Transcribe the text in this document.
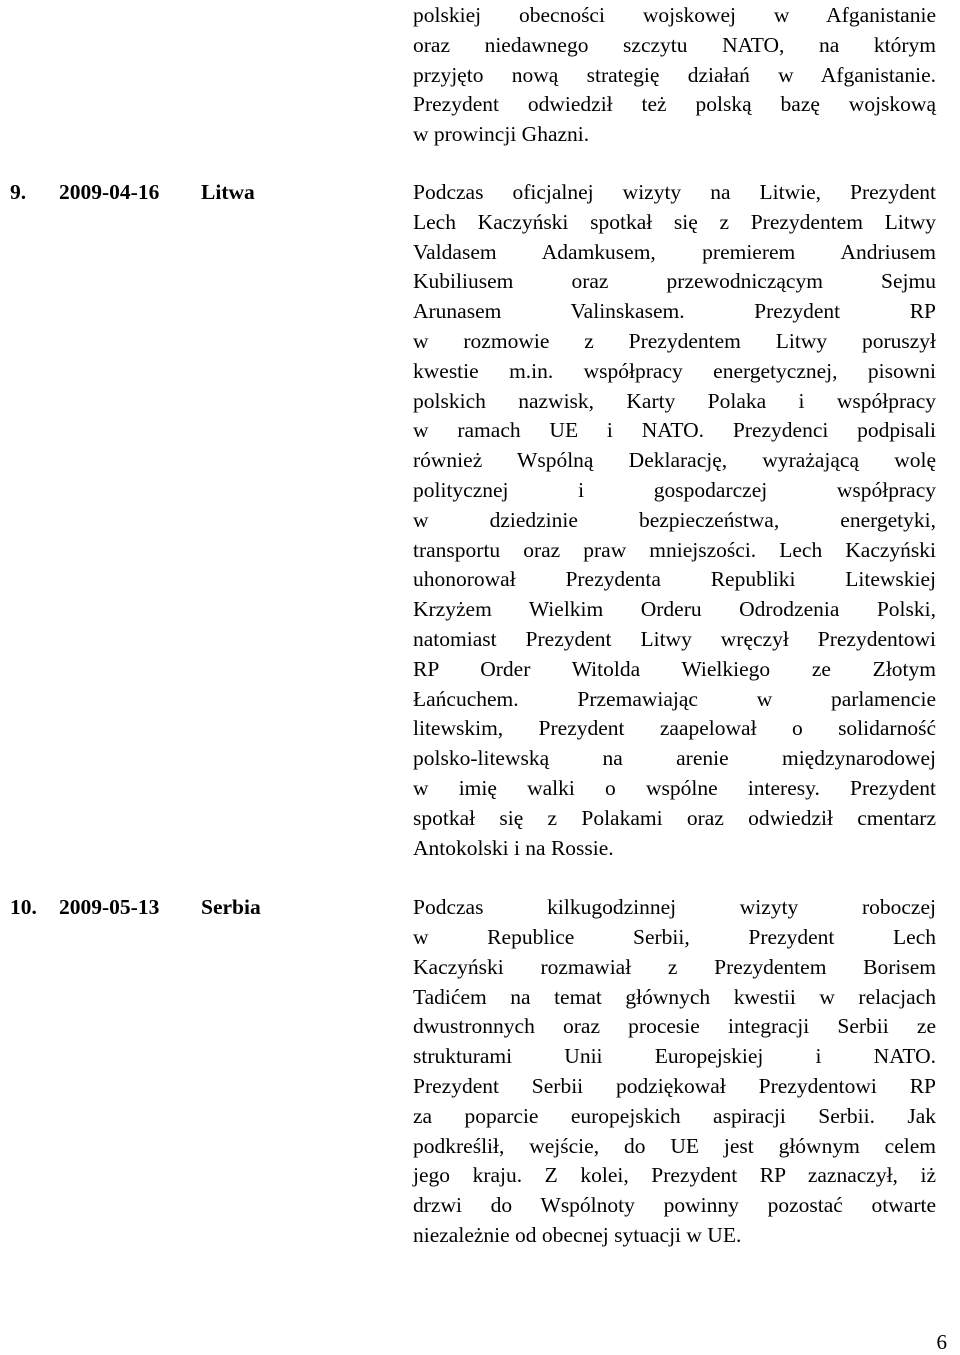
polskiej obecności wojskowej w Afganistanie
oraz niedawnego szczytu NATO, na którym
przyjęto nową strategię działań w Afganistanie.
Prezydent odwiedził też polską bazę wojskową
w prowincji Ghazni.
9. 2009-04-16 Litwa	Podczas oficjalnej wizyty na Litwie, Prezydent
Lech Kaczyński spotkał się z Prezydentem Litwy
Valdasem Adamkusem, premierem Andriusem
Kubiliusem oraz przewodniczącym Sejmu
Arunasem Valinskasem. Prezydent RP
w rozmowie z Prezydentem Litwy poruszył
kwestie m.in. współpracy energetycznej, pisowni
polskich nazwisk, Karty Polaka i współpracy
w ramach UE i NATO. Prezydenci podpisali
również Wspólną Deklarację, wyrażającą wolę
politycznej i gospodarczej współpracy
w dziedzinie bezpieczeństwa, energetyki,
transportu oraz praw mniejszości. Lech Kaczyński
uhonorował Prezydenta Republiki Litewskiej
Krzyżem Wielkim Orderu Odrodzenia Polski,
natomiast Prezydent Litwy wręczył Prezydentowi
RP Order Witolda Wielkiego ze Złotym
Łańcuchem. Przemawiając w parlamencie
litewskim, Prezydent zaapelował o solidarność
polsko-litewską na arenie międzynarodowej
w imię walki o wspólne interesy. Prezydent
spotkał się z Polakami oraz odwiedził cmentarz
Antokolski i na Rossie.
10. 2009-05-13 Serbia	Podczas kilkugodzinnej wizyty roboczej
w Republice Serbii, Prezydent Lech
Kaczyński rozmawiał z Prezydentem Borisem
Tadićem na temat głównych kwestii w relacjach
dwustronnych oraz procesie integracji Serbii ze
strukturami Unii Europejskiej i NATO.
Prezydent Serbii podziękował Prezydentowi RP
za poparcie europejskich aspiracji Serbii. Jak
podkreślił, wejście, do UE jest głównym celem
jego kraju. Z kolei, Prezydent RP zaznaczył, iż
drzwi do Wspólnoty powinny pozostać otwarte
niezależnie od obecnej sytuacji w UE.
6
